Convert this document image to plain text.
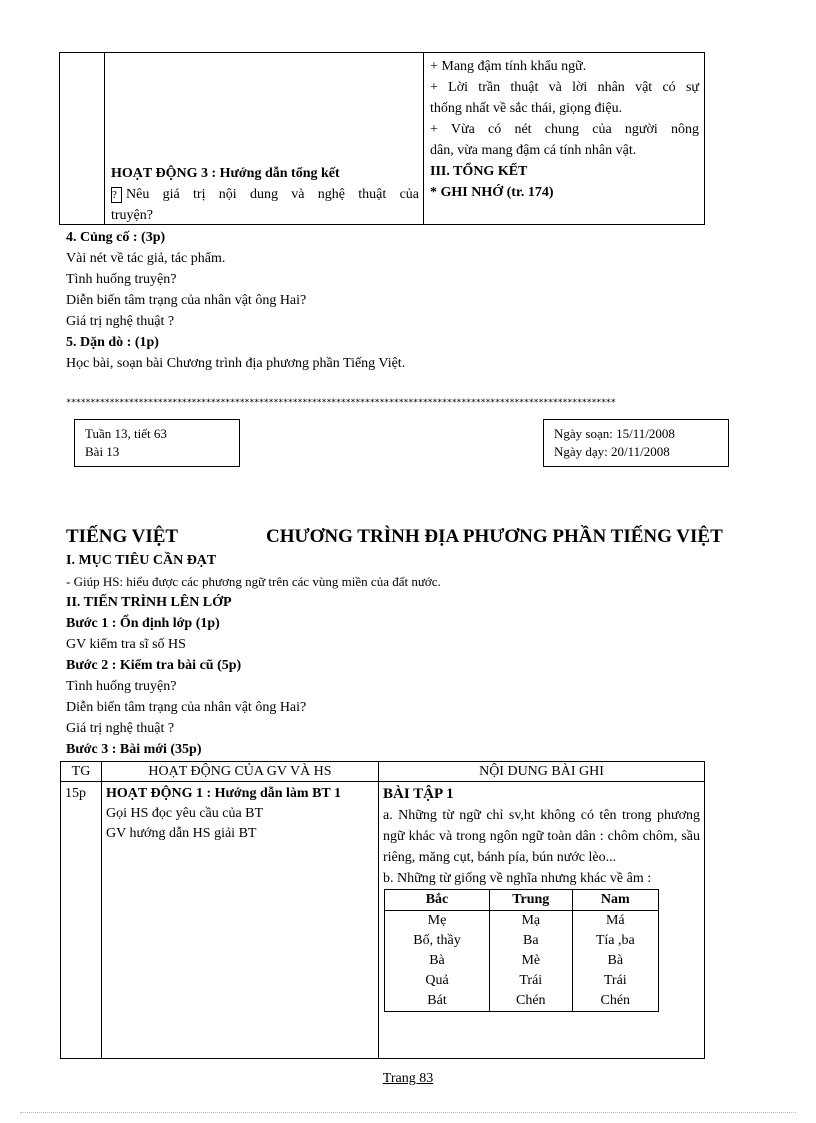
HOẠT ĐỘNG 3 : Hướng dẫn tổng kết
? Nêu giá trị nội dung và nghệ thuật của
truyện?

+ Mang đậm tính khẩu ngữ.
+ Lời trần thuật và lời nhân vật có sự
thống nhất về sắc thái, giọng điệu.
+ Vừa có nét chung của người nông
dân, vừa mang đậm cá tính nhân vật.
III. TỔNG KẾT
* GHI NHỚ (tr. 174)
4. Củng cố : (3p)
Vài nét về tác giả, tác phẩm.
Tình huống truyện?
Diễn biến tâm trạng của nhân vật ông Hai?
Giá trị nghệ thuật ?
5. Dặn dò : (1p)
Học bài, soạn bài Chương trình địa phương phần Tiếng Việt.
******************************************************************************************************************
Tuần 13, tiết 63
Bài 13
Ngày soạn: 15/11/2008
Ngày dạy: 20/11/2008
TIẾNG VIỆT	CHƯƠNG TRÌNH ĐỊA PHƯƠNG PHẦN TIẾNG VIỆT
I. MỤC TIÊU CẦN ĐẠT
- Giúp HS: hiểu được các phương ngữ trên các vùng miền của đất nước.
II. TIẾN TRÌNH LÊN LỚP
Bước 1 : Ổn định lớp (1p)
GV kiểm tra sĩ số HS
Bước 2 : Kiểm tra bài cũ (5p)
Tình huống truyện?
Diễn biến tâm trạng của nhân vật ông Hai?
Giá trị nghệ thuật ?
Bước 3 : Bài mới (35p)
TG	HOẠT ĐỘNG CỦA GV VÀ HS	NỘI DUNG BÀI GHI
15p	HOẠT ĐỘNG 1 : Hướng dẫn làm BT 1
Gọi HS đọc yêu cầu của BT
GV hướng dẫn HS giải BT

BÀI TẬP 1
a. Những từ ngữ chỉ sv,ht không có tên trong phương ngữ khác và trong ngôn ngữ toàn dân : chôm chôm, sầu riêng, măng cụt, bánh pía, bún nước lèo...
b. Những từ giống về nghĩa nhưng khác về âm :
Bắc	Trung	Nam
Mẹ	Mạ	Má
Bố, thầy	Ba	Tía ,ba
Bà	Mè	Bà
Quả	Trái	Trái
Bát	Chén	Chén
Trang 83
